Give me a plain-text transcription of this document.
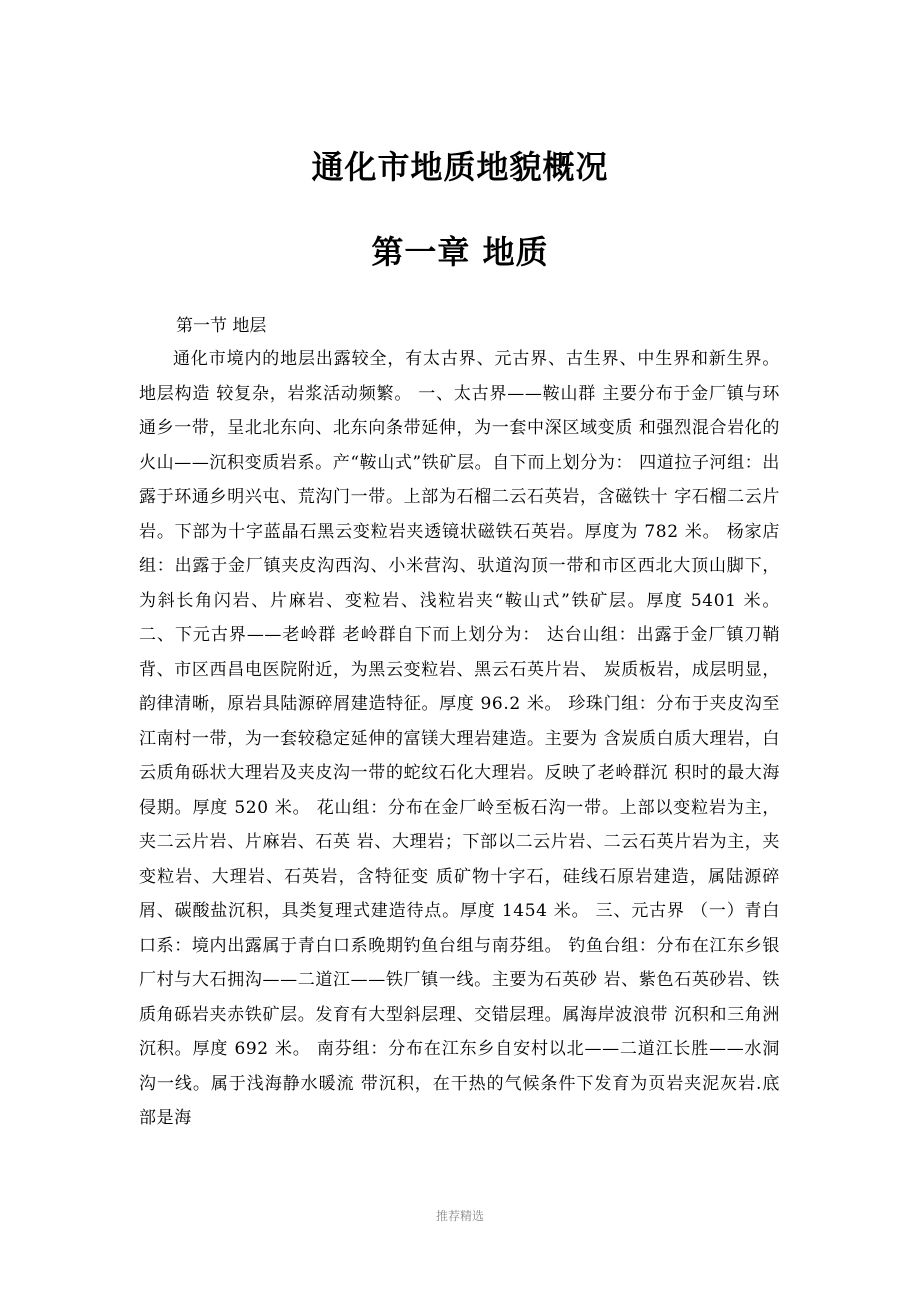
通化市地质地貌概况
第一章 地质

第一节 地层

通化市境内的地层出露较全，有太古界、元古界、古生界、中生界和新生界。地层构造 较复杂，岩浆活动频繁。 一、太古界——鞍山群 主要分布于金厂镇与环通乡一带，呈北北东向、北东向条带延伸，为一套中深区域变质 和强烈混合岩化的火山——沉积变质岩系。产“鞍山式”铁矿层。自下而上划分为： 四道拉子河组：出露于环通乡明兴屯、荒沟门一带。上部为石榴二云石英岩，含磁铁十 字石榴二云片岩。下部为十字蓝晶石黑云变粒岩夹透镜状磁铁石英岩。厚度为 782 米。 杨家店组：出露于金厂镇夹皮沟西沟、小米营沟、驮道沟顶一带和市区西北大顶山脚下， 为斜长角闪岩、片麻岩、变粒岩、浅粒岩夹“鞍山式”铁矿层。厚度 5401 米。 二、下元古界——老岭群 老岭群自下而上划分为： 达台山组：出露于金厂镇刀鞘背、市区西昌电医院附近，为黑云变粒岩、黑云石英片岩、 炭质板岩，成层明显，韵律清晰，原岩具陆源碎屑建造特征。厚度 96.2 米。 珍珠门组：分布于夹皮沟至江南村一带，为一套较稳定延伸的富镁大理岩建造。主要为 含炭质白质大理岩，白云质角砾状大理岩及夹皮沟一带的蛇纹石化大理岩。反映了老岭群沉 积时的最大海侵期。厚度 520 米。 花山组：分布在金厂岭至板石沟一带。上部以变粒岩为主，夹二云片岩、片麻岩、石英 岩、大理岩；下部以二云片岩、二云石英片岩为主，夹变粒岩、大理岩、石英岩，含特征变 质矿物十字石，硅线石原岩建造，属陆源碎屑、碳酸盐沉积，具类复理式建造待点。厚度 1454 米。 三、元古界 （一）青白口系：境内出露属于青白口系晚期钓鱼台组与南芬组。 钓鱼台组：分布在江东乡银厂村与大石拥沟——二道江——铁厂镇一线。主要为石英砂 岩、紫色石英砂岩、铁质角砾岩夹赤铁矿层。发育有大型斜层理、交错层理。属海岸波浪带 沉积和三角洲沉积。厚度 692 米。 南芬组：分布在江东乡自安村以北——二道江长胜——水洞沟一线。属于浅海静水暖流 带沉积，在干热的气候条件下发育为页岩夹泥灰岩.底部是海

推荐精选
